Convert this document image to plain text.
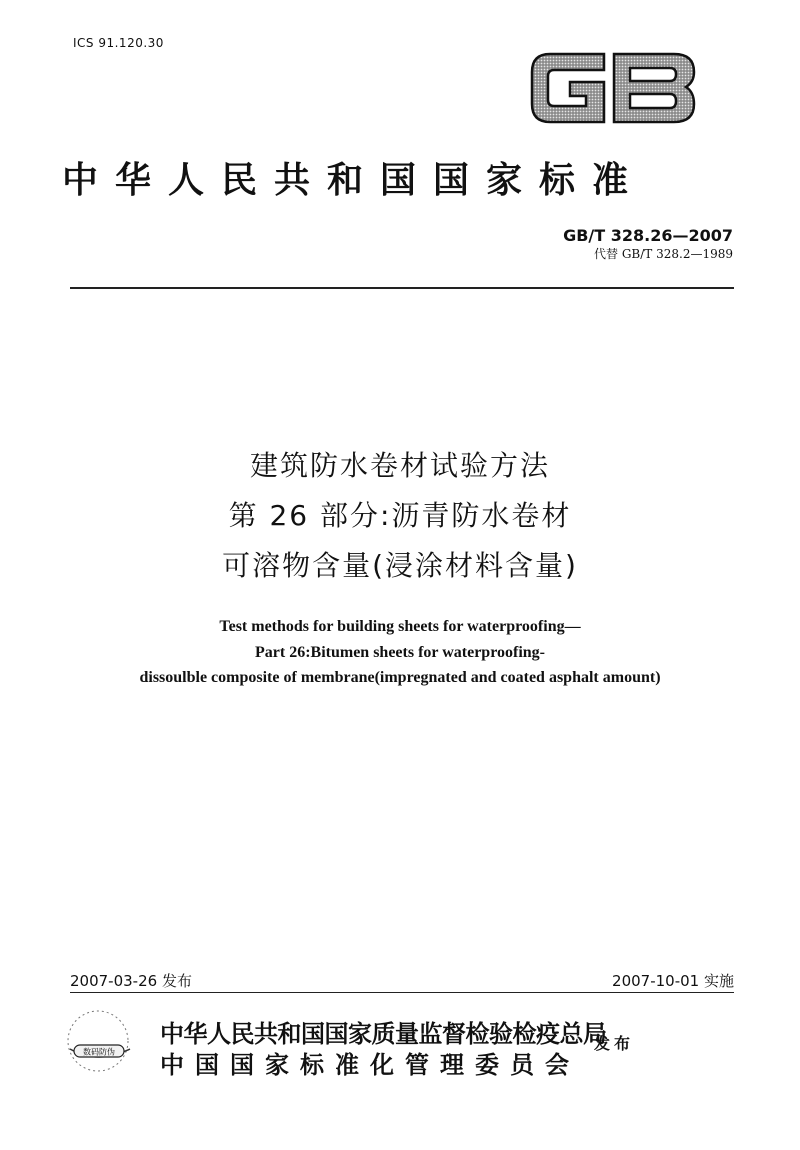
ICS 91.120.30
中华人民共和国国家标准
GB/T 328.26—2007
代替 GB/T 328.2—1989
建筑防水卷材试验方法
第 26 部分:沥青防水卷材
可溶物含量(浸涂材料含量)
Test methods for building sheets for waterproofing—
Part 26:Bitumen sheets for waterproofing-
dissoulble composite of membrane(impregnated and coated asphalt amount)
2007-03-26 发布	2007-10-01 实施
数码防伪
中华人民共和国国家质量监督检验检疫总局
中国国家标准化管理委员会
发布
